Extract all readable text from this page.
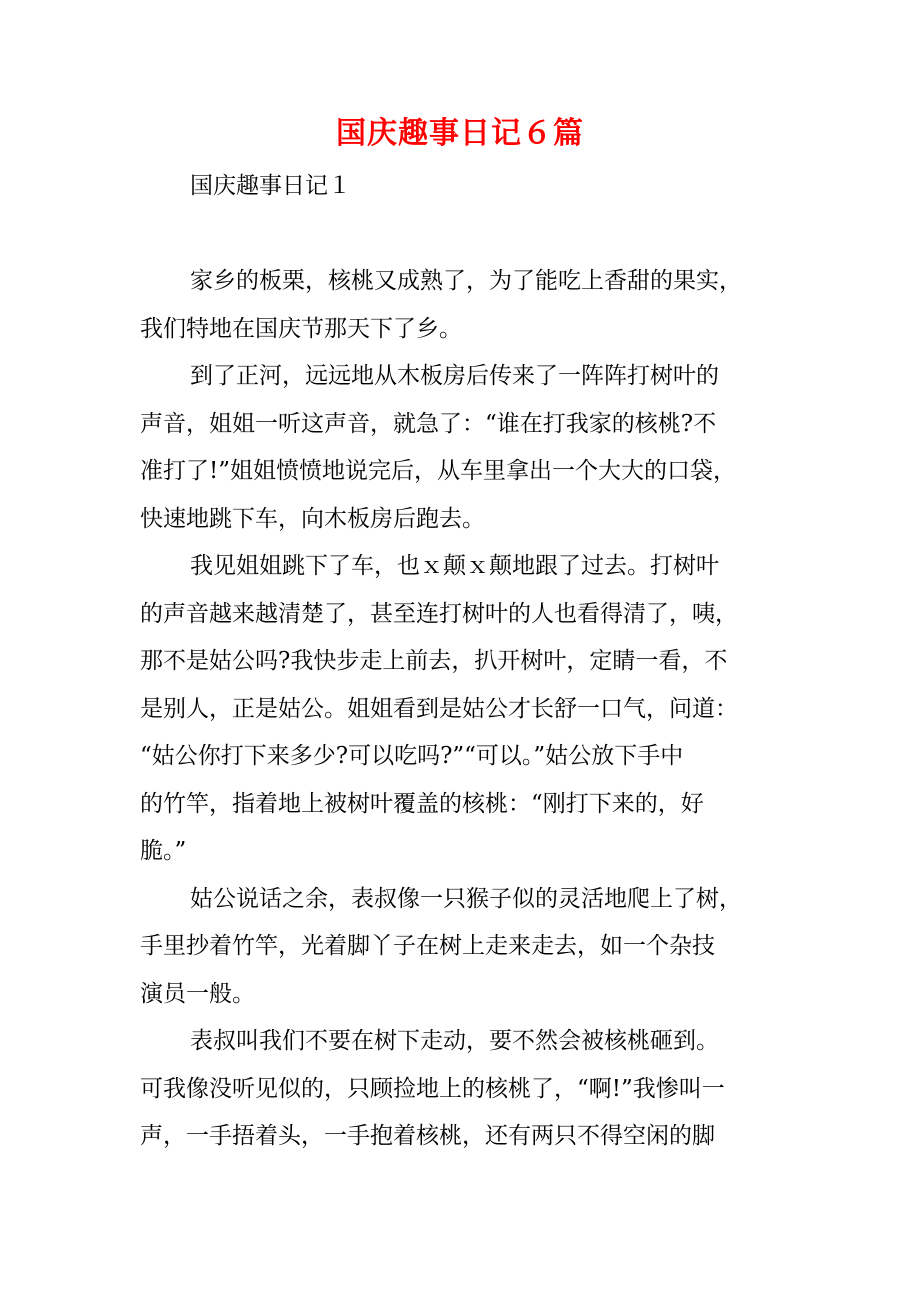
国庆趣事日记６篇
国庆趣事日记１
家乡的板栗，核桃又成熟了，为了能吃上香甜的果实，
我们特地在国庆节那天下了乡。
到了正河，远远地从木板房后传来了一阵阵打树叶的
声音，姐姐一听这声音，就急了：“谁在打我家的核桃?不
准打了!”姐姐愤愤地说完后，从车里拿出一个大大的口袋，
快速地跳下车，向木板房后跑去。
我见姐姐跳下了车，也ｘ颠ｘ颠地跟了过去。打树叶
的声音越来越清楚了，甚至连打树叶的人也看得清了，咦，
那不是姑公吗?我快步走上前去，扒开树叶，定睛一看，不
是别人，正是姑公。姐姐看到是姑公才长舒一口气，问道：
“姑公你打下来多少?可以吃吗?”“可以。”姑公放下手中
的竹竿，指着地上被树叶覆盖的核桃：“刚打下来的，好
脆。”
姑公说话之余，表叔像一只猴子似的灵活地爬上了树，
手里抄着竹竿，光着脚丫子在树上走来走去，如一个杂技
演员一般。
表叔叫我们不要在树下走动，要不然会被核桃砸到。
可我像没听见似的，只顾捡地上的核桃了，“啊!”我惨叫一
声，一手捂着头，一手抱着核桃，还有两只不得空闲的脚
